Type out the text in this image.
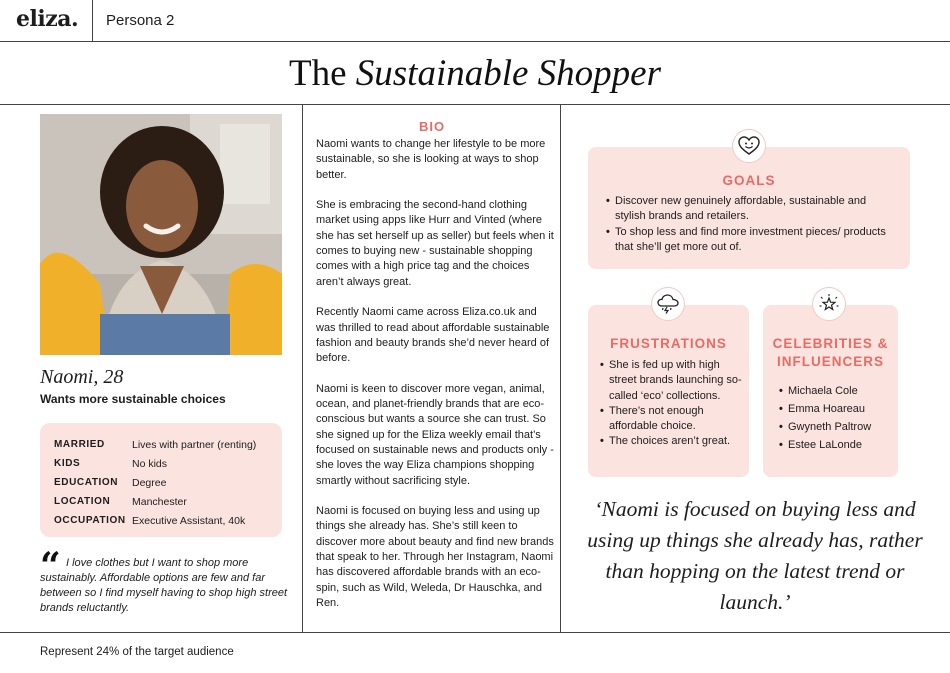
eliza. Persona 2
The Sustainable Shopper
Naomi, 28
Wants more sustainable choices
MARRIED	Lives with partner (renting)
KIDS	No kids
EDUCATION	Degree
LOCATION	Manchester
OCCUPATION Executive Assistant, 40k
“ I love clothes but I want to shop more sustainably. Affordable options are few and far between so I find myself having to shop high street brands reluctantly.
BIO

Naomi wants to change her lifestyle to be more sustainable, so she is looking at ways to shop better.

She is embracing the second-hand clothing market using apps like Hurr and Vinted (where she has set herself up as seller) but feels when it comes to buying new - sustainable shopping comes with a high price tag and the choices aren’t always great.

Recently Naomi came across Eliza.co.uk and was thrilled to read about affordable sustainable fashion and beauty brands she’d never heard of before.

Naomi is keen to discover more vegan, animal, ocean, and planet-friendly brands that are eco-conscious but wants a source she can trust. So she signed up for the Eliza weekly email that’s focused on sustainable news and products only - she loves the way Eliza champions shopping smartly without sacrificing style.

Naomi is focused on buying less and using up things she already has. She’s still keen to discover more about beauty and find new brands that speak to her. Through her Instagram, Naomi has discovered affordable brands with an eco-spin, such as Wild, Weleda, Dr Hauschka, and Ren.

GOALS
• Discover new genuinely affordable, sustainable and stylish brands and retailers.
• To shop less and find more investment pieces/ products that she’ll get more out of.
FRUSTRATIONS
• She is fed up with high street brands launching so-called ‘eco’ collections.
• There’s not enough affordable choice.
• The choices aren’t great.
CELEBRITIES &
INFLUENCERS
• Michaela Cole
• Emma Hoareau
• Gwyneth Paltrow
• Estee LaLonde
‘Naomi is focused on buying less and using up things she already has, rather than hopping on the latest trend or launch.’
Represent 24% of the target audience
